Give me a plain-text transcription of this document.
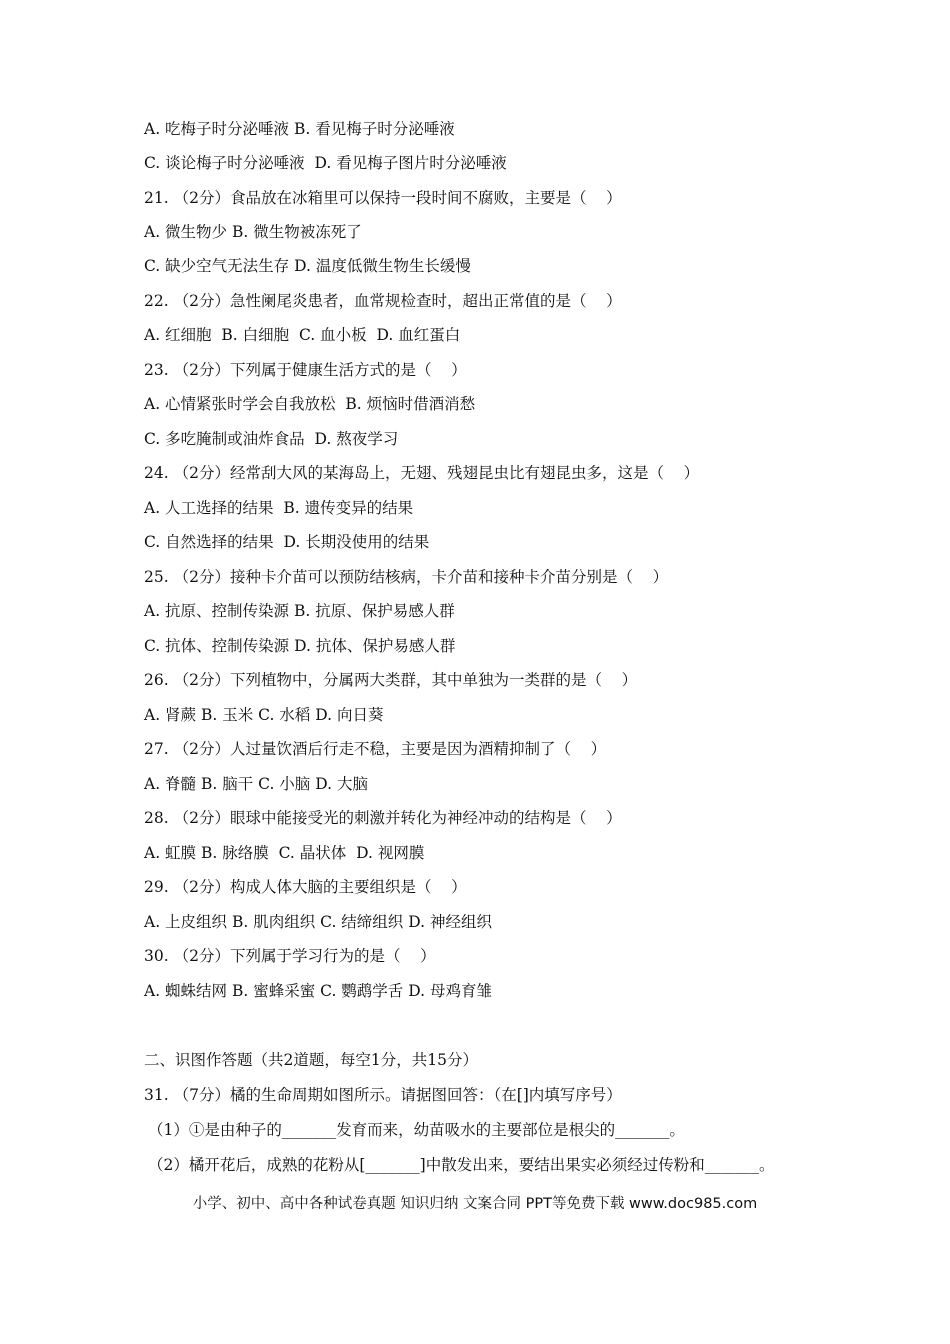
A. 吃梅子时分泌唾液 B. 看见梅子时分泌唾液
C. 谈论梅子时分泌唾液  D. 看见梅子图片时分泌唾液
21. （2分）食品放在冰箱里可以保持一段时间不腐败，主要是（    ）
A. 微生物少 B. 微生物被冻死了
C. 缺少空气无法生存 D. 温度低微生物生长缓慢
22. （2分）急性阑尾炎患者，血常规检查时，超出正常值的是（    ）
A. 红细胞  B. 白细胞  C. 血小板  D. 血红蛋白
23. （2分）下列属于健康生活方式的是（    ）
A. 心情紧张时学会自我放松  B. 烦恼时借酒消愁
C. 多吃腌制或油炸食品  D. 熬夜学习
24. （2分）经常刮大风的某海岛上，无翅、残翅昆虫比有翅昆虫多，这是（    ）
A. 人工选择的结果  B. 遗传变异的结果
C. 自然选择的结果  D. 长期没使用的结果
25. （2分）接种卡介苗可以预防结核病，卡介苗和接种卡介苗分别是（    ）
A. 抗原、控制传染源 B. 抗原、保护易感人群
C. 抗体、控制传染源 D. 抗体、保护易感人群
26. （2分）下列植物中，分属两大类群，其中单独为一类群的是（    ）
A. 肾蕨 B. 玉米 C. 水稻 D. 向日葵
27. （2分）人过量饮酒后行走不稳，主要是因为酒精抑制了（    ）
A. 脊髓 B. 脑干 C. 小脑 D. 大脑
28. （2分）眼球中能接受光的刺激并转化为神经冲动的结构是（    ）
A. 虹膜 B. 脉络膜  C. 晶状体  D. 视网膜
29. （2分）构成人体大脑的主要组织是（    ）
A. 上皮组织 B. 肌肉组织 C. 结缔组织 D. 神经组织
30. （2分）下列属于学习行为的是（    ）
A. 蜘蛛结网 B. 蜜蜂采蜜 C. 鹦鹉学舌 D. 母鸡育雏
二、识图作答题（共2道题，每空1分，共15分）
31. （7分）橘的生命周期如图所示。请据图回答：（在[]内填写序号）
（1）①是由种子的_______发育而来，幼苗吸水的主要部位是根尖的_______。
（2）橘开花后，成熟的花粉从[_______]中散发出来，要结出果实必须经过传粉和_______。
小学、初中、高中各种试卷真题 知识归纳 文案合同 PPT等免费下载 www.doc985.com
